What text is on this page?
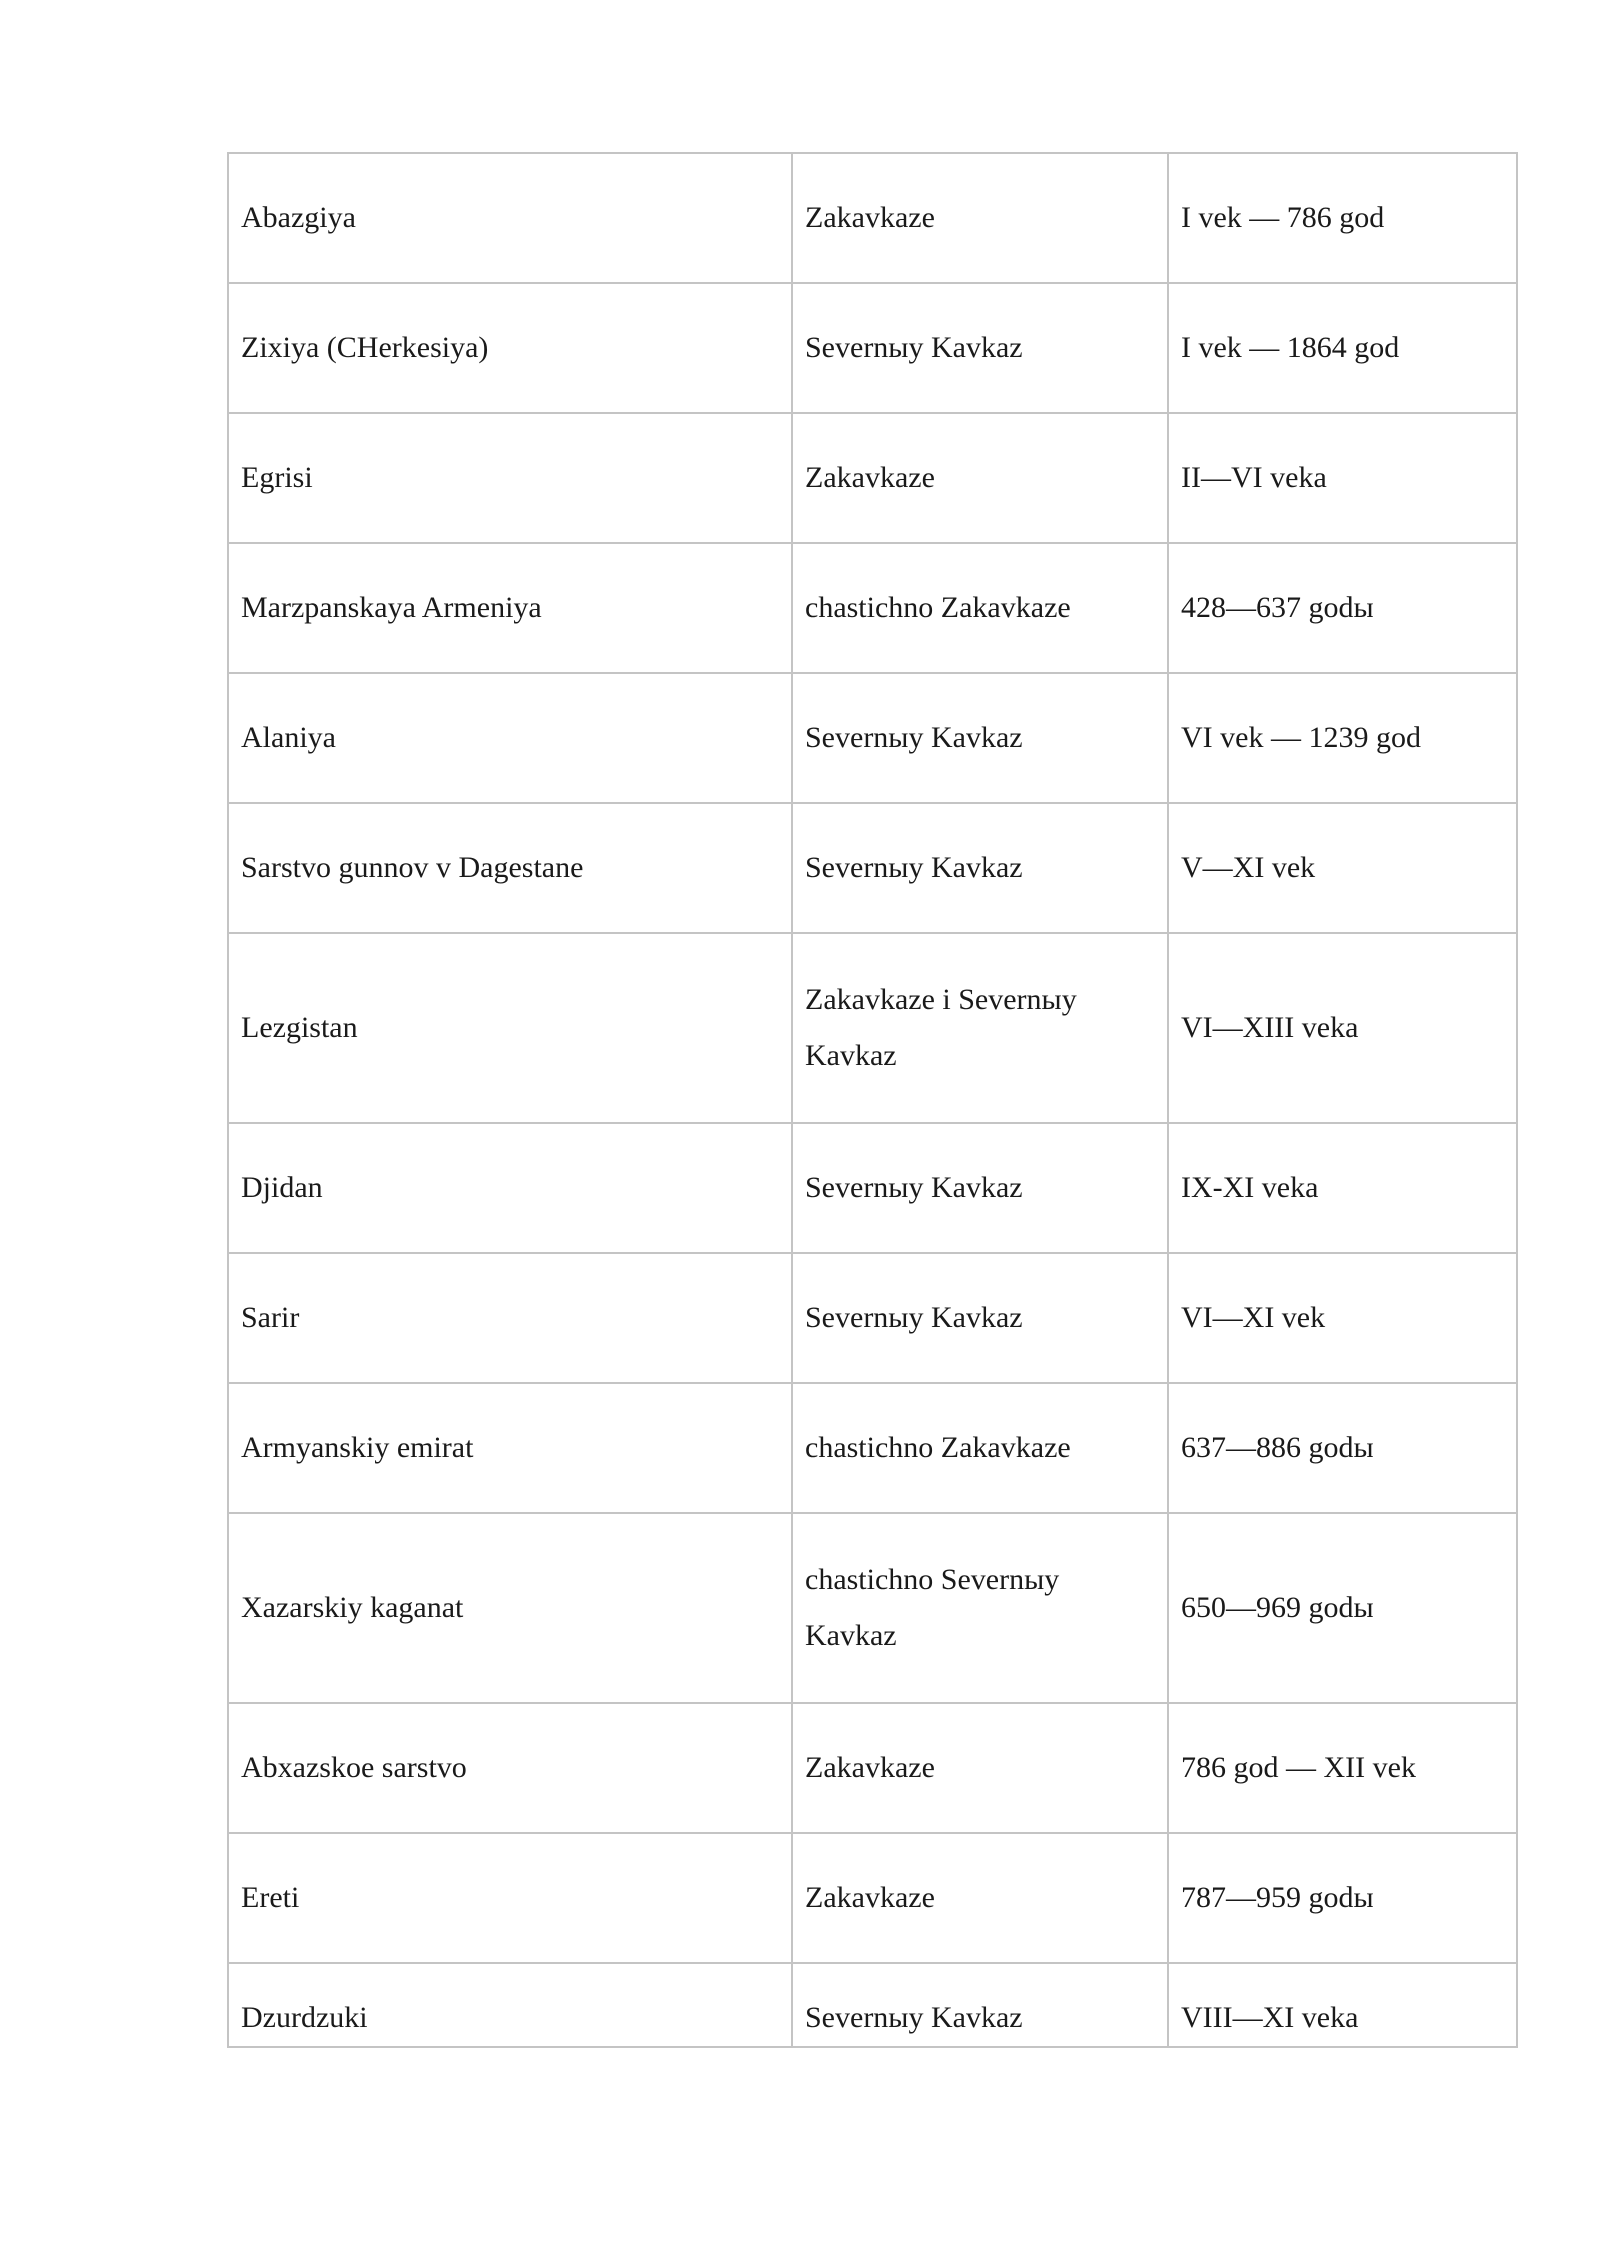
Abazgiya	Zakavkaze	I vek — 786 god
Zixiya (CHerkesiya)	Severnыy Kavkaz	I vek — 1864 god
Egrisi	Zakavkaze	II—VI veka
Marzpanskaya Armeniya	chastichno Zakavkaze	428—637 godы
Alaniya	Severnыy Kavkaz	VI vek — 1239 god
Sarstvo gunnov v Dagestane	Severnыy Kavkaz	V—XI vek
Lezgistan	Zakavkaze i Severnыy Kavkaz	VI—XIII veka
Djidan	Severnыy Kavkaz	IX-XI veka
Sarir	Severnыy Kavkaz	VI—XI vek
Armyanskiy emirat	chastichno Zakavkaze	637—886 godы
Xazarskiy kaganat	chastichno Severnыy Kavkaz	650—969 godы
Abxazskoe sarstvo	Zakavkaze	786 god — XII vek
Ereti	Zakavkaze	787—959 godы

Dzurdzuki	Severnыy Kavkaz	VIII—XI veka
